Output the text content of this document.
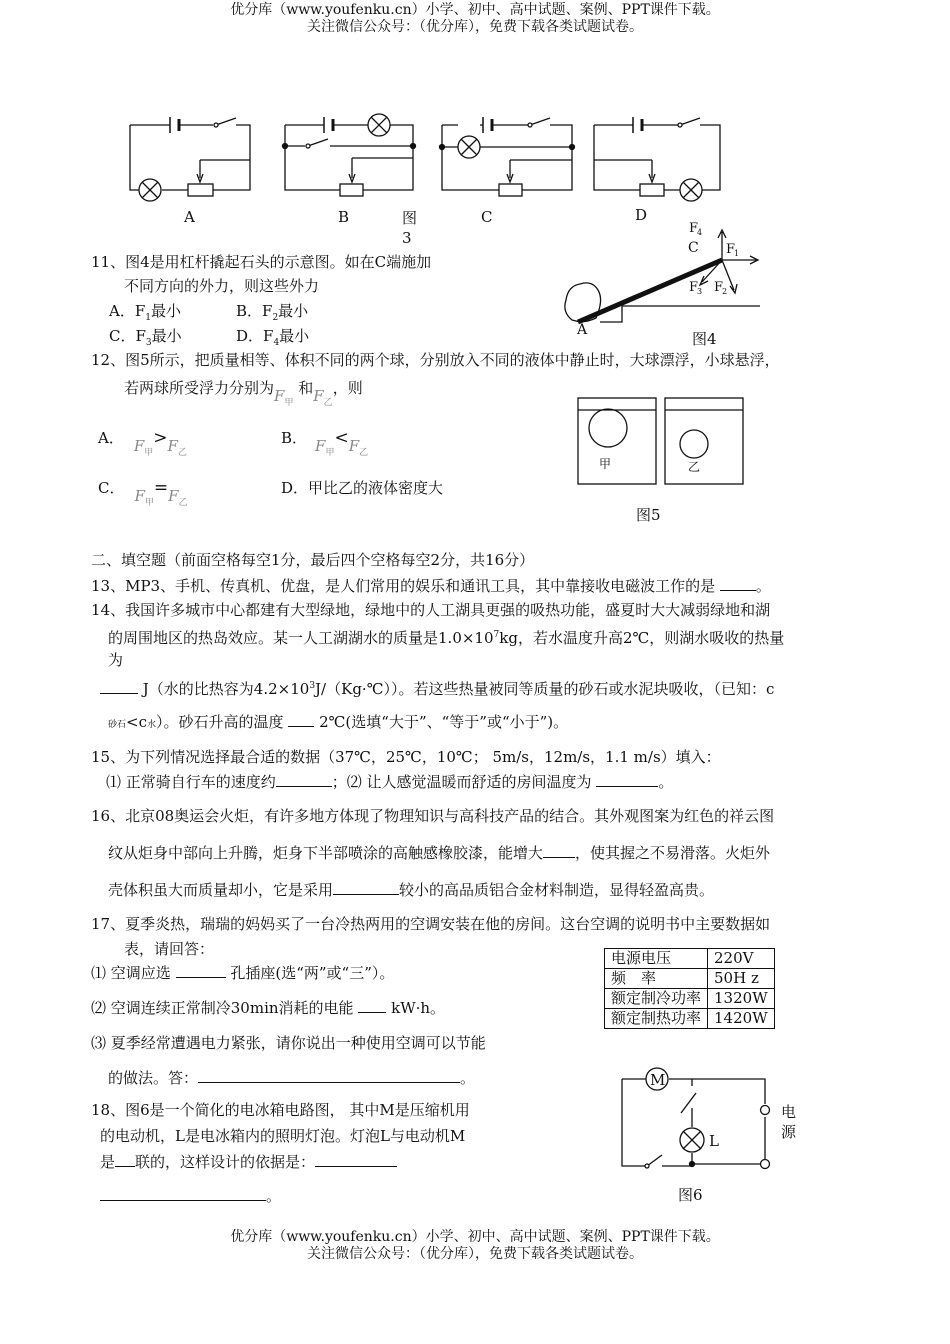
优分库（www.youfenku.cn）小学、初中、高中试题、案例、PPT课件下载。
关注微信公众号：（优分库），免费下载各类试题试卷。
A	B	C	D
图
3
F
4
C F
1
F
3 F
2
A	图4
甲	乙
图5
M
L
电
源
图6
11、图4是用杠杆撬起石头的示意图。如在C端施加
不同方向的外力，则这些外力
A．$F_1$最小	B．$F_2$最小
C．$F_3$最小	D．$F_4$最小
12、图5所示，把质量相等、体积不同的两个球，分别放入不同的液体中静止时，大球漂浮，小球悬浮，
若两球所受浮力分别为$F_甲$ 和$F_乙$，则
A． $F_甲>F_乙$
B． $F_甲<F_乙$
C． $F_甲=F_乙$
D．甲比乙的液体密度大
二、填空题（前面空格每空1分，最后四个空格每空2分，共16分）
13、MP3、手机、传真机、优盘，是人们常用的娱乐和通讯工具，其中靠接收电磁波工作的是	。
14、我国许多城市中心都建有大型绿地，绿地中的人工湖具更强的吸热功能，盛夏时大大减弱绿地和湖
的周围地区的热岛效应。某一人工湖湖水的质量是$1.0\times 10^7kg$，若水温度升高2℃，则湖水吸收的热量
为
J（水的比热容为$4.2\times 10^3J/(Kg\cdot℃)$）。若这些热量被同等质量的砂石或水泥块吸收，（已知：c
砂石<c水）。砂石升高的温度 2℃(选填“大于”、“等于”或“小于”)。
15、为下列情况选择最合适的数据（37℃，25℃，10℃； 5m/s，12m/s，1.1 m/s）填入：
⑴ 正常骑自行车的速度约	；⑵ 让人感觉温暖而舒适的房间温度为	。
16、北京08奥运会火炬，有许多地方体现了物理知识与高科技产品的结合。其外观图案为红色的祥云图
纹从炬身中部向上升腾，炬身下半部喷涂的高触感橡胶漆，能增大 ，使其握之不易滑落。火炬外
壳体积虽大而质量却小，它是采用	较小的高品质铝合金材料制造，显得轻盈高贵。
17、夏季炎热，瑞瑞的妈妈买了一台冷热两用的空调安装在他的房间。这台空调的说明书中主要数据如
表，请回答：
⑴ 空调应选	孔插座(选“两”或“三”）。
⑵ 空调连续正常制冷30min消耗的电能	kW·h。
⑶ 夏季经常遭遇电力紧张，请你说出一种使用空调可以节能
的做法。答：	。
电源电压	220V
频　率	50H z
额定制冷功率	1320W
额定制热功率	1420W
18、图6是一个简化的电冰箱电路图， 其中M是压缩机用
的电动机，L是电冰箱内的照明灯泡。灯泡L与电动机M
是 联的，这样设计的依据是：
。
优分库（www.youfenku.cn）小学、初中、高中试题、案例、PPT课件下载。
关注微信公众号：（优分库），免费下载各类试题试卷。
